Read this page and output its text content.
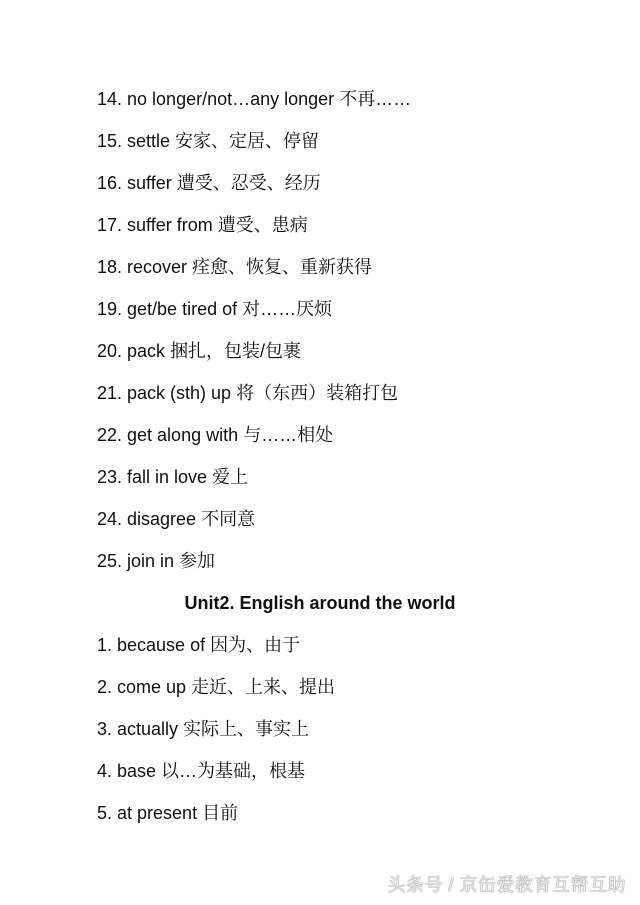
14. no longer/not…any longer 不再……
15. settle 安家、定居、停留
16. suffer 遭受、忍受、经历
17. suffer from 遭受、患病
18. recover 痊愈、恢复、重新获得
19. get/be tired of 对……厌烦
20. pack 捆扎，包装/包裹
21. pack (sth) up 将（东西）装箱打包
22. get along with 与……相处
23. fall in love 爱上
24. disagree 不同意
25. join in 参加
Unit2. English around the world
1. because of 因为、由于
2. come up 走近、上来、提出
3. actually 实际上、事实上
4. base 以…为基础，根基
5. at present 目前
头条号 / 京缶爱教育互帮互助
